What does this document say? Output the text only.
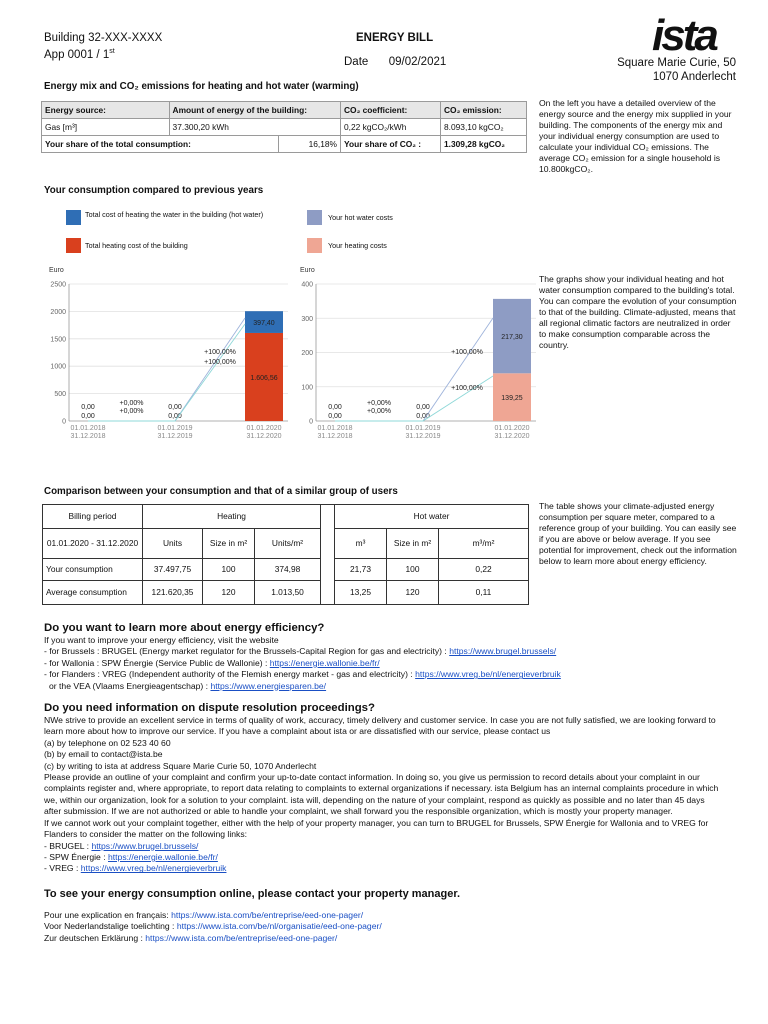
Building 32-XXX-XXXX
App 0001 / 1st
ENERGY BILL
Date 09/02/2021
ista
Square Marie Curie, 50
1070 Anderlecht
Energy mix and CO₂ emissions for heating and hot water (warming)
Energy source:	Amount of energy of the building:		CO₂ coefficient:	CO₂ emission:
Gas [m³]	37.300,20 kWh		0,22 kgCO₂/kWh	8.093,10 kgCO₂
Your share of the total consumption:		16,18%	Your share of CO₂ :	1.309,28 kgCO₂
On the left you have a detailed overview of the energy source and the energy mix supplied in your building. The components of the energy mix and your individual energy consumption are used to calculate your individual CO₂ emissions. The average CO₂ emission for a single household is 10.800kgCO₂.
Your consumption compared to previous years
Total cost of heating the water in the building (hot water)	Your hot water costs
Total heating cost of the building	Your heating costs
Euro
0
500
1000
1500
2000
2500
0,00
0,00
01.01.2018
31.12.2018
0,00
0,00
01.01.2019
31.12.2019
1.606,56
397,40
01.01.2020
31.12.2020
+0,00%
+0,00%
+100,00%
+100,00%
Euro
0
100
200
300
400
0,00
0,00
01.01.2018
31.12.2018
0,00
0,00
01.01.2019
31.12.2019
139,25
217,30
01.01.2020
31.12.2020
+0,00%
+0,00%
+100,00%
+100,00%
The graphs show your individual heating and hot water consumption compared to the building's total. You can compare the evolution of your consumption to that of the building. Climate-adjusted, means that all regional climatic factors are neutralized in order to make consumption comparable across the country.
Comparison between your consumption and that of a similar group of users
Billing period	Heating				Hot water		
01.01.2020 - 31.12.2020	Units	Size in m²	Units/m²		m³	Size in m²	m³/m²
Your consumption	37.497,75	100	374,98		21,73	100	0,22
Average consumption	121.620,35	120	1.013,50		13,25	120	0,11
The table shows your climate-adjusted energy consumption per square meter, compared to a reference group of your building. You can easily see if you are above or below average. If you see potential for improvement, check out the information below to learn more about energy efficiency.
Do you want to learn more about energy efficiency?
If you want to improve your energy efficiency, visit the website
- for Brussels : BRUGEL (Energy market regulator for the Brussels-Capital Region for gas and electricity) : https://www.brugel.brussels/
- for Wallonia : SPW Énergie (Service Public de Wallonie) : https://energie.wallonie.be/fr/
- for Flanders : VREG (Independent authority of the Flemish energy market - gas and electricity) : https://www.vreg.be/nl/energieverbruik
or the VEA (Vlaams Energieagentschap) : https://www.energiesparen.be/
Do you need information on dispute resolution proceedings?
NWe strive to provide an excellent service in terms of quality of work, accuracy, timely delivery and customer service. In case you are not fully satisfied, we are looking forward to learn more about how to improve our service. If you have a complaint about ista or are dissatisfied with our service, please contact us
(a) by telephone on 02 523 40 60
(b) by email to contact@ista.be
(c) by writing to ista at address Square Marie Curie 50, 1070 Anderlecht
Please provide an outline of your complaint and confirm your up-to-date contact information. In doing so, you give us permission to record details about your complaint in our complaints register and, where appropriate, to report data relating to complaints to external organizations if necessary. ista Belgium has an internal complaints procedure in which we, within our organization, look for a solution to your complaint. ista will, depending on the nature of your complaint, respond as quickly as possible and no later than 45 days after submission. If we are not authorized or able to handle your complaint, we shall forward you the responsible organization, which is mostly your property manager.
If we cannot work out your complaint together, either with the help of your property manager, you can turn to BRUGEL for Brussels, SPW Énergie for Wallonia and to VREG for Flanders to consider the matter on the following links:
- BRUGEL : https://www.brugel.brussels/
- SPW Énergie : https://energie.wallonie.be/fr/
- VREG : https://www.vreg.be/nl/energieverbruik
To see your energy consumption online, please contact your property manager.
Pour une explication en français: https://www.ista.com/be/entreprise/eed-one-pager/
Voor Nederlandstalige toelichting : https://www.ista.com/be/nl/organisatie/eed-one-pager/
Zur deutschen Erklärung : https://www.ista.com/be/entreprise/eed-one-pager/
